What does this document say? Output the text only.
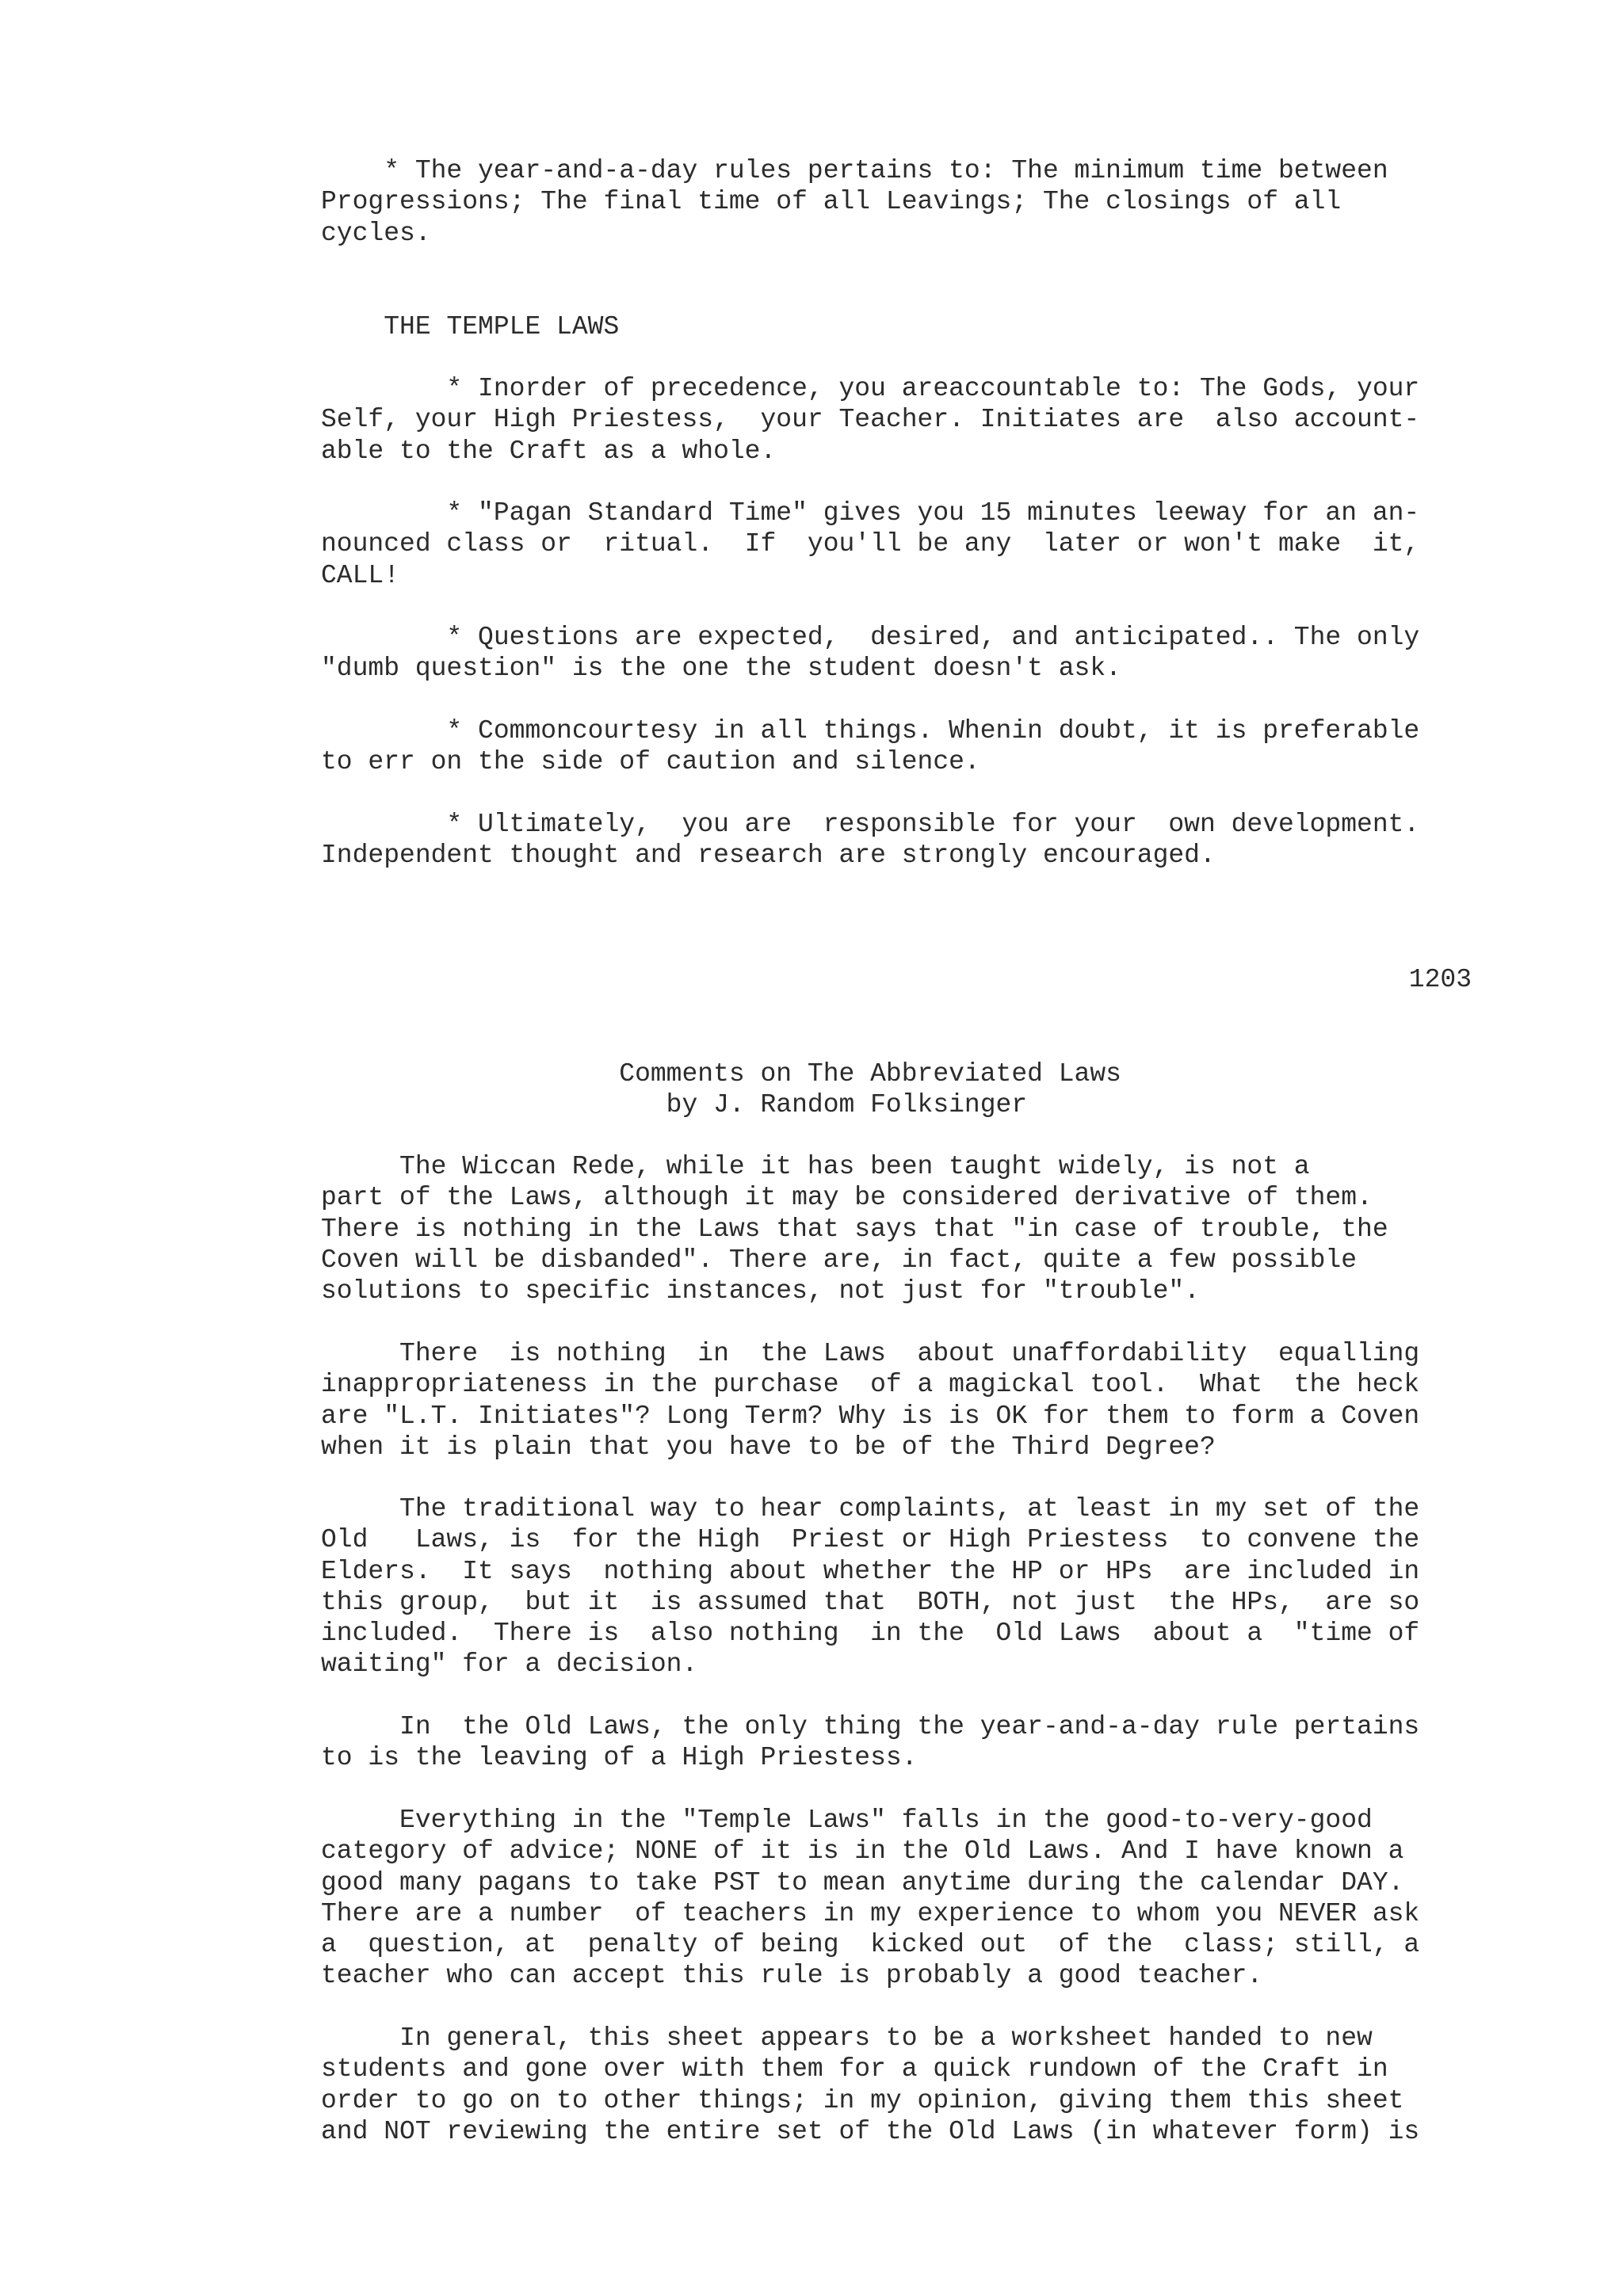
* The year-and-a-day rules pertains to: The minimum time between
Progressions; The final time of all Leavings; The closings of all
cycles.
THE TEMPLE LAWS
* Inorder of precedence, you areaccountable to: The Gods, your
Self, your High Priestess,  your Teacher. Initiates are  also account-
able to the Craft as a whole.
* "Pagan Standard Time" gives you 15 minutes leeway for an an-
nounced class or  ritual.  If  you'll be any  later or won't make  it,
CALL!
* Questions are expected,  desired, and anticipated.. The only
"dumb question" is the one the student doesn't ask.
* Commoncourtesy in all things. Whenin doubt, it is preferable
to err on the side of caution and silence.
* Ultimately,  you are  responsible for your  own development.
Independent thought and research are strongly encouraged.
1203
Comments on The Abbreviated Laws
by J. Random Folksinger
The Wiccan Rede, while it has been taught widely, is not a
part of the Laws, although it may be considered derivative of them.
There is nothing in the Laws that says that "in case of trouble, the
Coven will be disbanded". There are, in fact, quite a few possible
solutions to specific instances, not just for "trouble".
There  is nothing  in  the Laws  about unaffordability  equalling
inappropriateness in the purchase  of a magickal tool.  What  the heck
are "L.T. Initiates"? Long Term? Why is is OK for them to form a Coven
when it is plain that you have to be of the Third Degree?
The traditional way to hear complaints, at least in my set of the
Old   Laws, is  for the High  Priest or High Priestess  to convene the
Elders.  It says  nothing about whether the HP or HPs  are included in
this group,  but it  is assumed that  BOTH, not just  the HPs,  are so
included.  There is  also nothing  in the  Old Laws  about a  "time of
waiting" for a decision.
In  the Old Laws, the only thing the year-and-a-day rule pertains
to is the leaving of a High Priestess.
Everything in the "Temple Laws" falls in the good-to-very-good
category of advice; NONE of it is in the Old Laws. And I have known a
good many pagans to take PST to mean anytime during the calendar DAY.
There are a number  of teachers in my experience to whom you NEVER ask
a  question, at  penalty of being  kicked out  of the  class; still, a
teacher who can accept this rule is probably a good teacher.
In general, this sheet appears to be a worksheet handed to new
students and gone over with them for a quick rundown of the Craft in
order to go on to other things; in my opinion, giving them this sheet
and NOT reviewing the entire set of the Old Laws (in whatever form) is
